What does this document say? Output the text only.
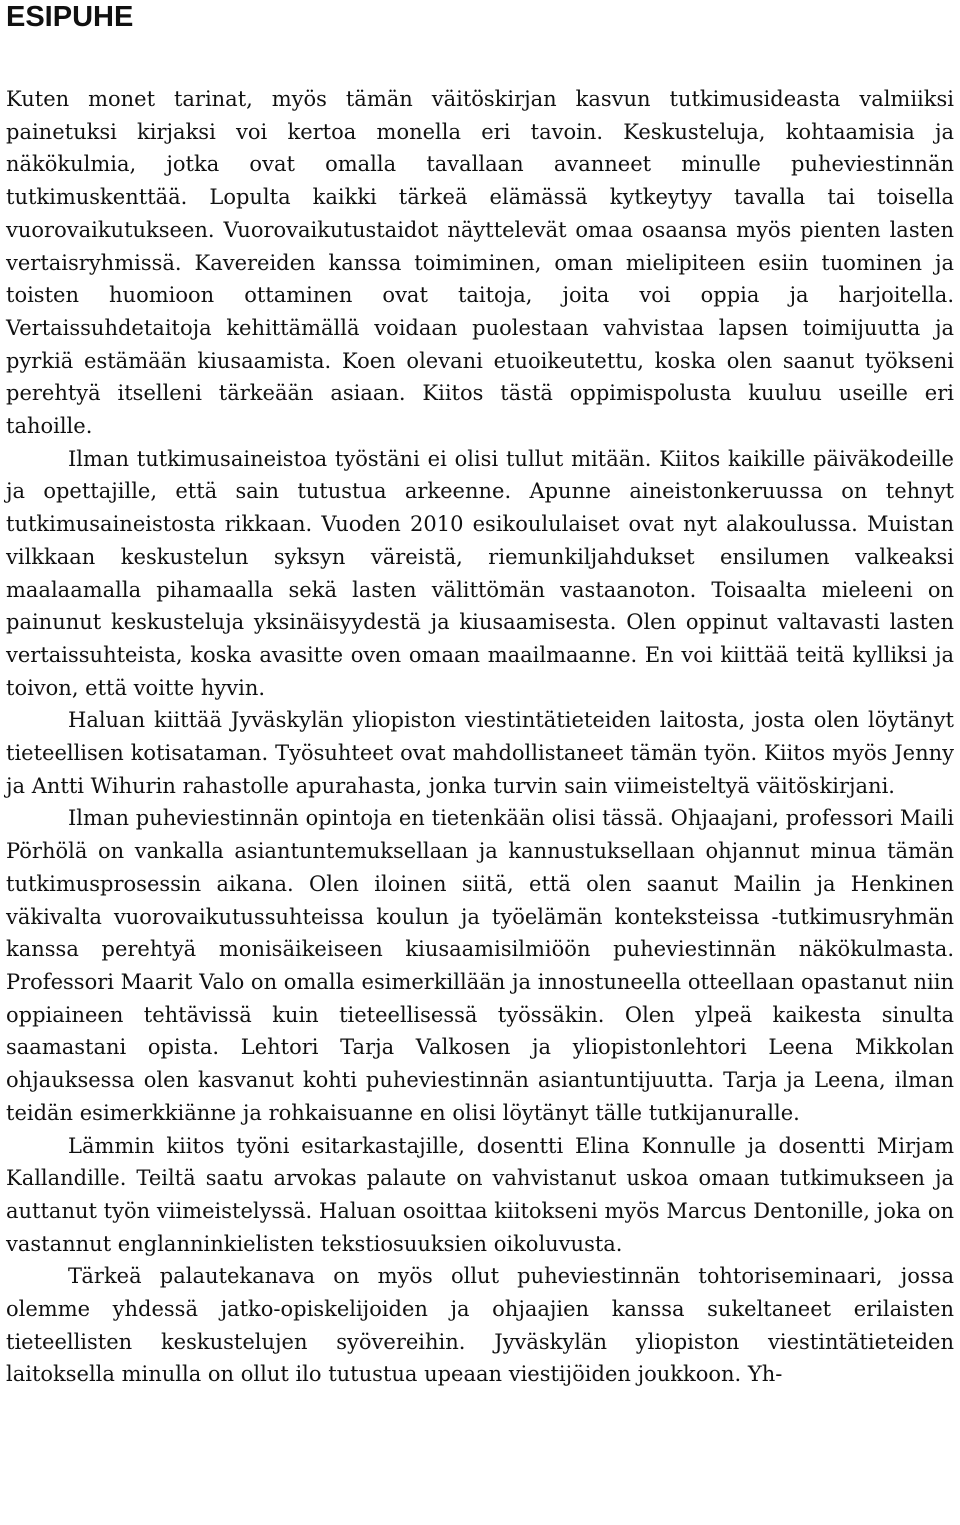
ESIPUHE

Kuten monet tarinat, myös tämän väitöskirjan kasvun tutkimusideasta valmiiksi painetuksi kirjaksi voi kertoa monella eri tavoin. Keskusteluja, kohtaamisia ja näkökulmia, jotka ovat omalla tavallaan avanneet minulle puheviestinnän tutkimuskenttää. Lopulta kaikki tärkeä elämässä kytkeytyy tavalla tai toisella vuorovaikutukseen. Vuorovaikutustaidot näyttelevät omaa osaansa myös pienten lasten vertaisryhmissä. Kavereiden kanssa toimiminen, oman mielipiteen esiin tuominen ja toisten huomioon ottaminen ovat taitoja, joita voi oppia ja harjoitella. Vertaissuhdetaitoja kehittämällä voidaan puolestaan vahvistaa lapsen toimijuutta ja pyrkiä estämään kiusaamista. Koen olevani etuoikeutettu, koska olen saanut työkseni perehtyä itselleni tärkeään asiaan. Kiitos tästä oppimispolusta kuuluu useille eri tahoille.

Ilman tutkimusaineistoa työstäni ei olisi tullut mitään. Kiitos kaikille päiväkodeille ja opettajille, että sain tutustua arkeenne. Apunne aineistonkeruussa on tehnyt tutkimusaineistosta rikkaan. Vuoden 2010 esikoululaiset ovat nyt alakoulussa. Muistan vilkkaan keskustelun syksyn väreistä, riemunkiljahdukset ensilumen valkeaksi maalaamalla pihamaalla sekä lasten välittömän vastaanoton. Toisaalta mieleeni on painunut keskusteluja yksinäisyydestä ja kiusaamisesta. Olen oppinut valtavasti lasten vertaissuhteista, koska avasitte oven omaan maailmaanne. En voi kiittää teitä kylliksi ja toivon, että voitte hyvin.

Haluan kiittää Jyväskylän yliopiston viestintätieteiden laitosta, josta olen löytänyt tieteellisen kotisataman. Työsuhteet ovat mahdollistaneet tämän työn. Kiitos myös Jenny ja Antti Wihurin rahastolle apurahasta, jonka turvin sain viimeisteltyä väitöskirjani.

Ilman puheviestinnän opintoja en tietenkään olisi tässä. Ohjaajani, professori Maili Pörhölä on vankalla asiantuntemuksellaan ja kannustuksellaan ohjannut minua tämän tutkimusprosessin aikana. Olen iloinen siitä, että olen saanut Mailin ja Henkinen väkivalta vuorovaikutussuhteissa koulun ja työelämän konteksteissa -tutkimusryhmän kanssa perehtyä monisäikeiseen kiusaamisilmiöön puheviestinnän näkökulmasta. Professori Maarit Valo on omalla esimerkillään ja innostuneella otteellaan opastanut niin oppiaineen tehtävissä kuin tieteellisessä työssäkin. Olen ylpeä kaikesta sinulta saamastani opista. Lehtori Tarja Valkosen ja yliopistonlehtori Leena Mikkolan ohjauksessa olen kasvanut kohti puheviestinnän asiantuntijuutta. Tarja ja Leena, ilman teidän esimerkkiänne ja rohkaisuanne en olisi löytänyt tälle tutkijanuralle.

Lämmin kiitos työni esitarkastajille, dosentti Elina Konnulle ja dosentti Mirjam Kallandille. Teiltä saatu arvokas palaute on vahvistanut uskoa omaan tutkimukseen ja auttanut työn viimeistelyssä. Haluan osoittaa kiitokseni myös Marcus Dentonille, joka on vastannut englanninkielisten tekstiosuuksien oikoluvusta.

Tärkeä palautekanava on myös ollut puheviestinnän tohtoriseminaari, jossa olemme yhdessä jatko-opiskelijoiden ja ohjaajien kanssa sukeltaneet erilaisten tieteellisten keskustelujen syövereihin. Jyväskylän yliopiston viestintätieteiden laitoksella minulla on ollut ilo tutustua upeaan viestijöiden joukkoon. Yh-
